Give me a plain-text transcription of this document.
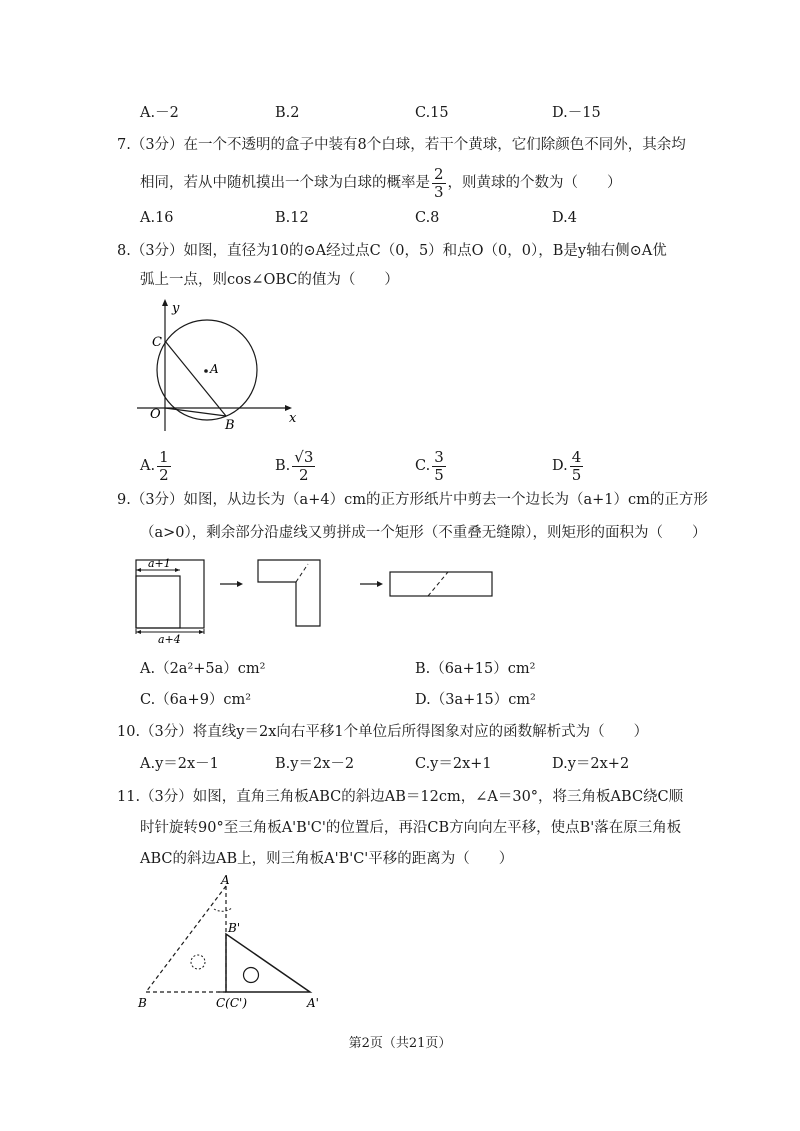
A.－2	B.2	C.15	D.－15
7.（3分）在一个不透明的盒子中装有8个白球，若干个黄球，它们除颜色不同外，其余均
相同，若从中随机摸出一个球为白球的概率是 $\frac{2}{3}$ ，则黄球的个数为（　　）
A.16	B.12	C.8	D.4
8.（3分）如图，直径为10的⊙A经过点C（0，5）和点O（0，0），B是y轴右侧⊙A优
弧上一点，则cos∠OBC的值为（　　）
y
x
C
O
A
B
A. $\frac{1}{2}$	B. $\frac{√3}{2}$	C. $\frac{3}{5}$	D. $\frac{4}{5}$
9.（3分）如图，从边长为（a+4）cm的正方形纸片中剪去一个边长为（a+1）cm的正方形
（a>0），剩余部分沿虚线又剪拼成一个矩形（不重叠无缝隙），则矩形的面积为（　　）
a+1
a+4
A.（2a²+5a）cm²	B.（6a+15）cm²
C.（6a+9）cm²	D.（3a+15）cm²
10.（3分）将直线y＝2x向右平移1个单位后所得图象对应的函数解析式为（　　）
A.y＝2x－1	B.y＝2x－2	C.y＝2x+1	D.y＝2x+2
11.（3分）如图，直角三角板ABC的斜边AB＝12cm，∠A＝30°，将三角板ABC绕C顺
时针旋转90°至三角板A'B'C'的位置后，再沿CB方向向左平移，使点B'落在原三角板
ABC的斜边AB上，则三角板A'B'C'平移的距离为（　　）
A
B'
B	C(C')	A'
第2页（共21页）
